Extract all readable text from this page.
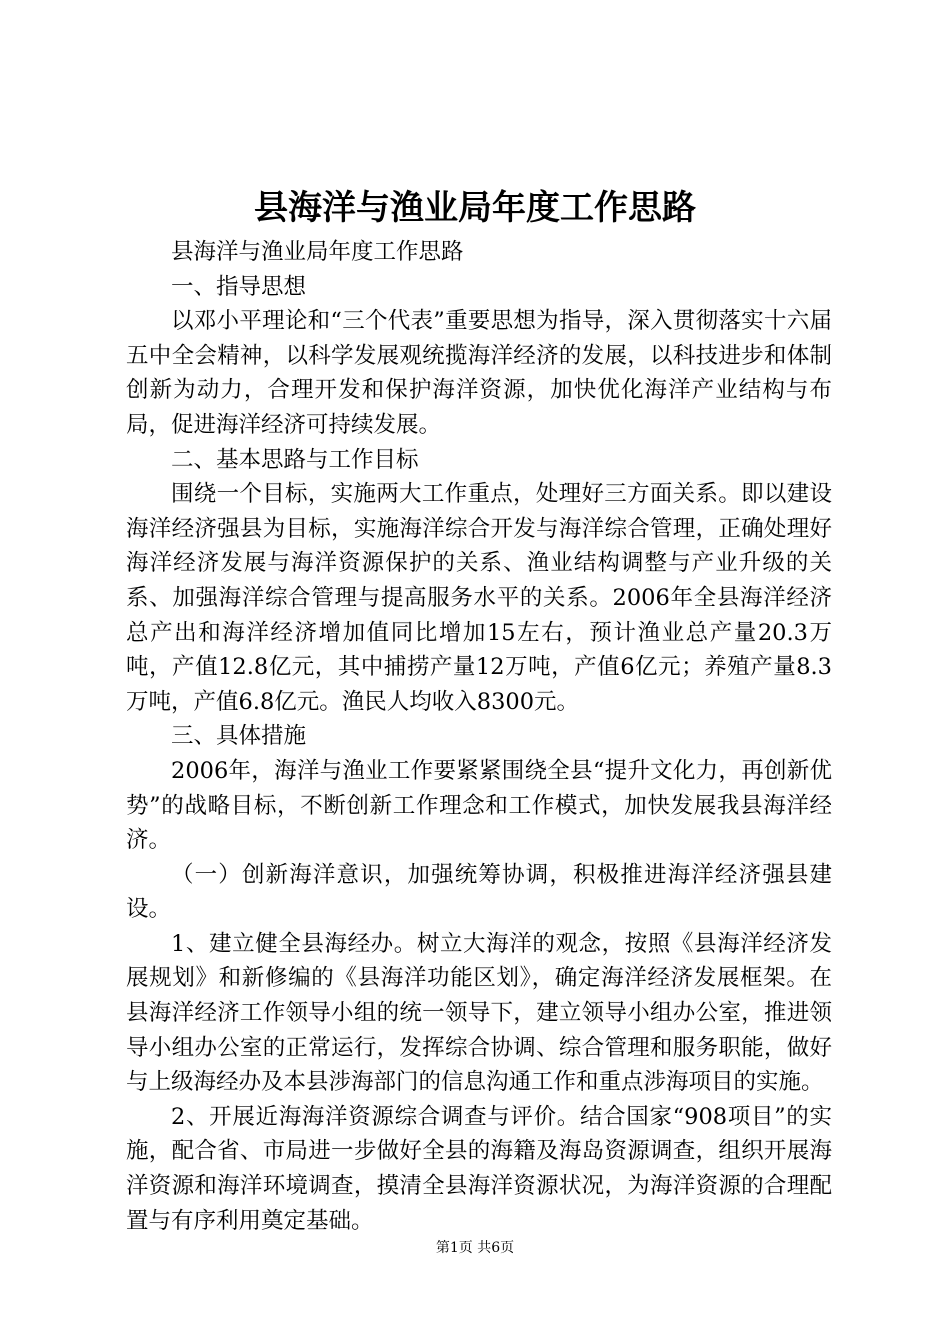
县海洋与渔业局年度工作思路

县海洋与渔业局年度工作思路

一、指导思想

以邓小平理论和“三个代表”重要思想为指导，深入贯彻落实十六届五中全会精神，以科学发展观统揽海洋经济的发展，以科技进步和体制创新为动力，合理开发和保护海洋资源，加快优化海洋产业结构与布局，促进海洋经济可持续发展。

二、基本思路与工作目标

围绕一个目标，实施两大工作重点，处理好三方面关系。即以建设海洋经济强县为目标，实施海洋综合开发与海洋综合管理，正确处理好海洋经济发展与海洋资源保护的关系、渔业结构调整与产业升级的关系、加强海洋综合管理与提高服务水平的关系。2006年全县海洋经济总产出和海洋经济增加值同比增加15左右，预计渔业总产量20.3万吨，产值12.8亿元，其中捕捞产量12万吨，产值6亿元；养殖产量8.3万吨，产值6.8亿元。渔民人均收入8300元。

三、具体措施

2006年，海洋与渔业工作要紧紧围绕全县“提升文化力，再创新优势”的战略目标，不断创新工作理念和工作模式，加快发展我县海洋经济。

（一）创新海洋意识，加强统筹协调，积极推进海洋经济强县建设。

1、建立健全县海经办。树立大海洋的观念，按照《县海洋经济发展规划》和新修编的《县海洋功能区划》，确定海洋经济发展框架。在县海洋经济工作领导小组的统一领导下，建立领导小组办公室，推进领导小组办公室的正常运行，发挥综合协调、综合管理和服务职能，做好与上级海经办及本县涉海部门的信息沟通工作和重点涉海项目的实施。

2、开展近海海洋资源综合调查与评价。结合国家“908项目”的实施，配合省、市局进一步做好全县的海籍及海岛资源调查，组织开展海洋资源和海洋环境调查，摸清全县海洋资源状况，为海洋资源的合理配置与有序利用奠定基础。

第1页 共6页
